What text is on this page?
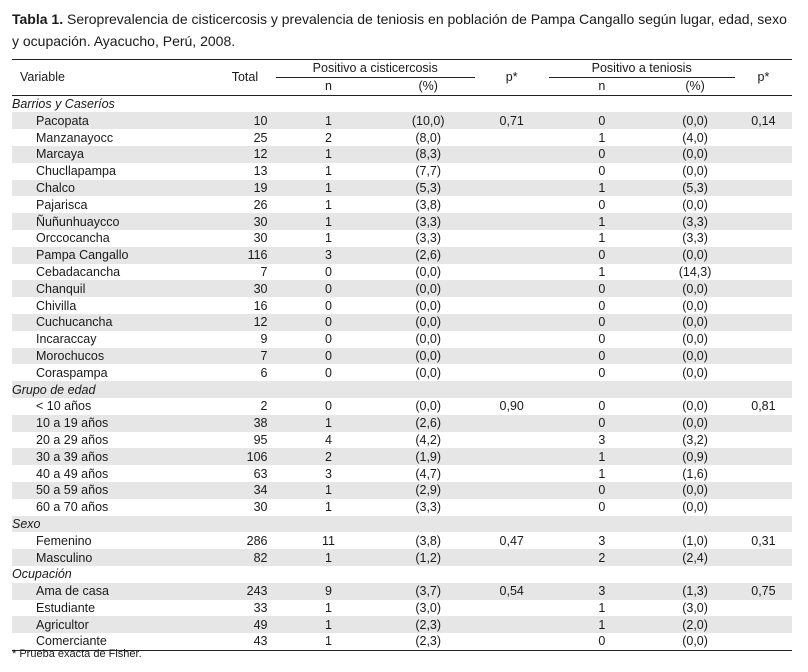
Tabla 1. Seroprevalencia de cisticercosis y prevalencia de teniosis en población de Pampa Cangallo según lugar, edad, sexo y ocupación. Ayacucho, Perú, 2008.
Variable	Total	Positivo a cisticercosis		p*	Positivo a teniosis		p*
		n	(%)		n	(%)	
Barrios y Caseríos							
Pacopata	10	1	(10,0)	0,71	0	(0,0)	0,14
Manzanayocc	25	2	(8,0)		1	(4,0)	
Marcaya	12	1	(8,3)		0	(0,0)	
Chucllapampa	13	1	(7,7)		0	(0,0)	
Chalco	19	1	(5,3)		1	(5,3)	
Pajarisca	26	1	(3,8)		0	(0,0)	
Ñuñunhuaycco	30	1	(3,3)		1	(3,3)	
Orccocancha	30	1	(3,3)		1	(3,3)	
Pampa Cangallo	116	3	(2,6)		0	(0,0)	
Cebadacancha	7	0	(0,0)		1	(14,3)	
Chanquil	30	0	(0,0)		0	(0,0)	
Chivilla	16	0	(0,0)		0	(0,0)	
Cuchucancha	12	0	(0,0)		0	(0,0)	
Incaraccay	9	0	(0,0)		0	(0,0)	
Morochucos	7	0	(0,0)		0	(0,0)	
Coraspampa	6	0	(0,0)		0	(0,0)	
Grupo de edad							
< 10 años	2	0	(0,0)	0,90	0	(0,0)	0,81
10 a 19 años	38	1	(2,6)		0	(0,0)	
20 a 29 años	95	4	(4,2)		3	(3,2)	
30 a 39 años	106	2	(1,9)		1	(0,9)	
40 a 49 años	63	3	(4,7)		1	(1,6)	
50 a 59 años	34	1	(2,9)		0	(0,0)	
60 a 70 años	30	1	(3,3)		0	(0,0)	
Sexo							
Femenino	286	11	(3,8)	0,47	3	(1,0)	0,31
Masculino	82	1	(1,2)		2	(2,4)	
Ocupación							
Ama de casa	243	9	(3,7)	0,54	3	(1,3)	0,75
Estudiante	33	1	(3,0)		1	(3,0)	
Agricultor	49	1	(2,3)		1	(2,0)	
Comerciante	43	1	(2,3)		0	(0,0)	
* Prueba exacta de Fisher.
